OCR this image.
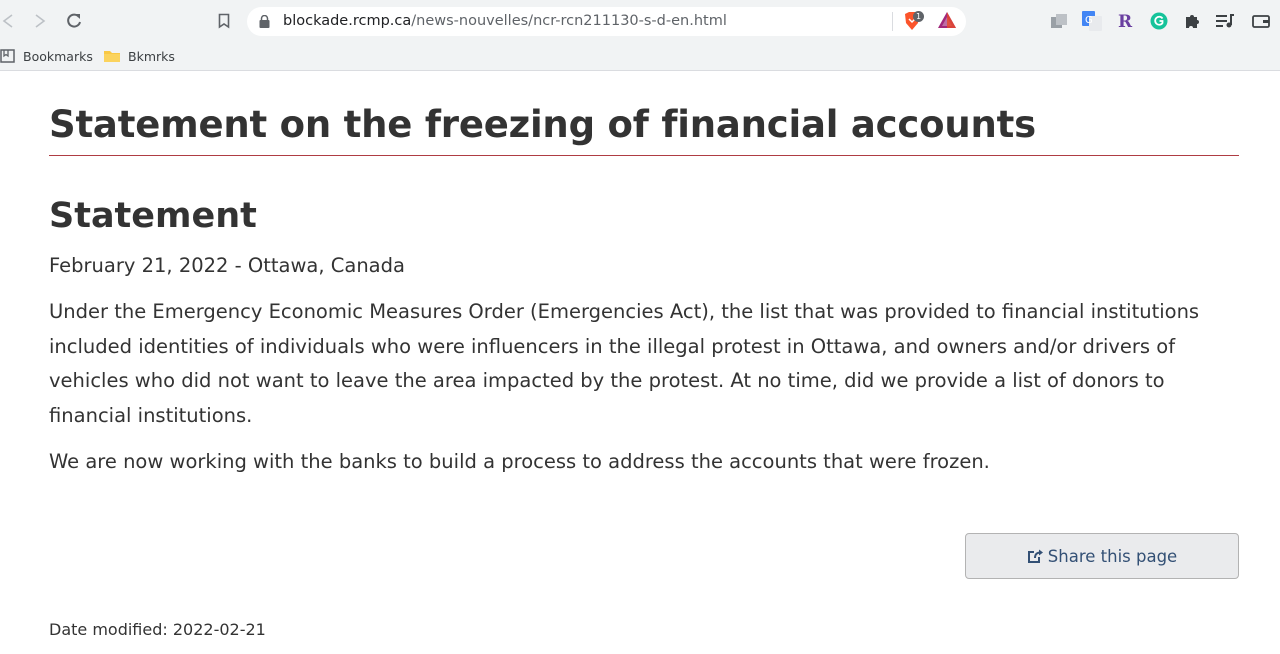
blockade.rcmp.ca/news-nouvelles/ncr-rcn211130-s-d-en.html	1	G R
Bookmarks	Bkmrks
Statement on the freezing of financial accounts
Statement
February 21, 2022 - Ottawa, Canada

Under the Emergency Economic Measures Order (Emergencies Act), the list that was provided to financial institutions included identities of individuals who were influencers in the illegal protest in Ottawa, and owners and/or drivers of vehicles who did not want to leave the area impacted by the protest. At no time, did we provide a list of donors to financial institutions.

We are now working with the banks to build a process to address the accounts that were frozen.

Share this page
Date modified: 2022-02-21
